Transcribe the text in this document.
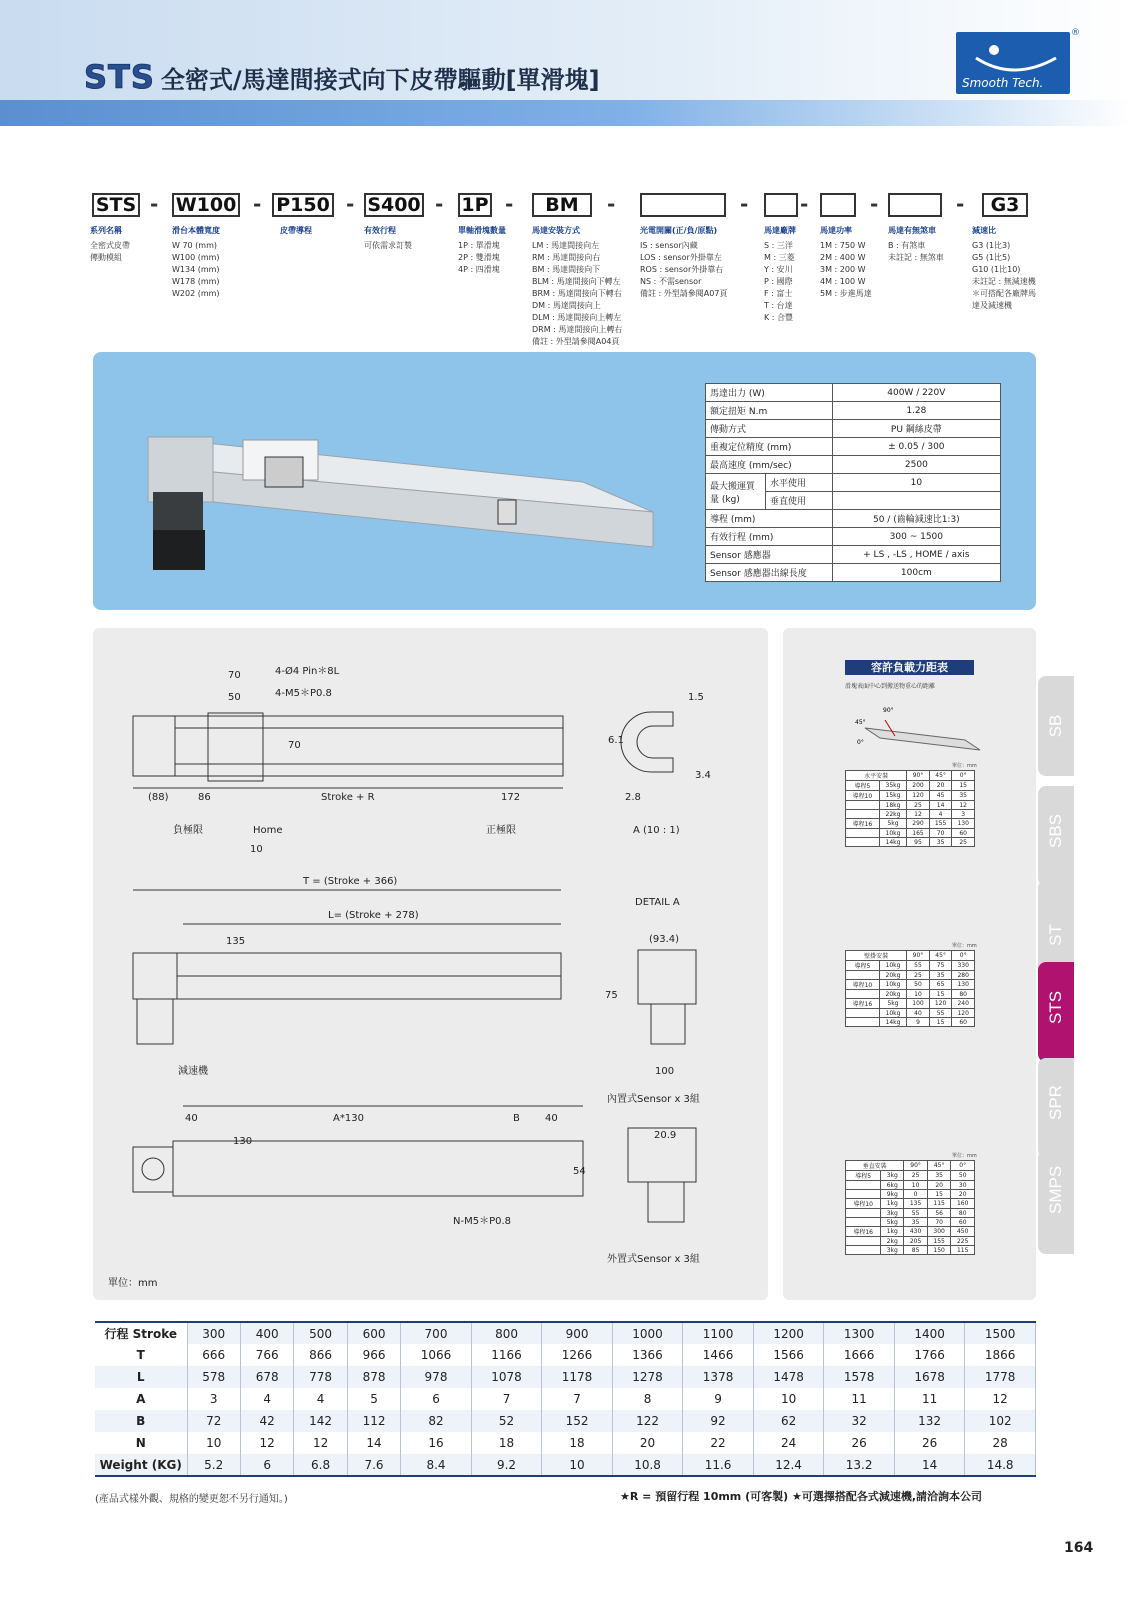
STS 全密式/馬達間接式向下皮帶驅動[單滑塊]	Smooth Tech.
®
馬達出力 (W)		400W / 220V
額定扭矩 N.m		1.28
傳動方式		PU 鋼絲皮帶
重複定位精度 (mm)		± 0.05 / 300
最高速度 (mm/sec)		2500
最大搬運質量 (kg)	水平使用	10
	垂直使用	
導程 (mm)		50 / (齒輪減速比1:3)
有效行程 (mm)		300 ~ 1500
Sensor 感應器		+ LS , -LS , HOME / axis
Sensor 感應器出線長度		100cm
70
50
4-Ø4 Pin＊8L
4-M5＊P0.8
70
(88)	86	Stroke + R	172
負極限	Home	正極限
10
1.5
6.1
3.4
2.8
A (10 : 1)
T = (Stroke + 366)
L= (Stroke + 278)
135
減速機
DETAIL A
(93.4)
75
100
內置式Sensor x 3組
40	A*130	B	40
130
20.9
54
N-M5＊P0.8
外置式Sensor x 3組
單位：mm
容許負載力距表
滑塊表面中心到搬送物重心的距離
90°
45°
0°
行程 Stroke	300	400	500	600	700	800	900	1000	1100	1200	1300	1400	1500
T	666	766	866	966	1066	1166	1266	1366	1466	1566	1666	1766	1866
L	578	678	778	878	978	1078	1178	1278	1378	1478	1578	1678	1778
A	3	4	4	5	6	7	7	8	9	10	11	11	12
B	72	42	142	112	82	52	152	122	92	62	32	132	102
N	10	12	12	14	16	18	18	20	22	24	26	26	28
Weight (KG)	5.2	6	6.8	7.6	8.4	9.2	10	10.8	11.6	12.4	13.2	14	14.8
(產品式樣外觀、規格的變更恕不另行通知。)	★R = 預留行程 10mm (可客製) ★可選擇搭配各式減速機,請洽詢本公司
164
STS W100 P150 S400 1P	BM	G3
-	-	-	-	-	-	-	-	-	-
系列名稱
全密式皮帶
傳動模組
滑台本體寬度
W 70 (mm)
W100 (mm)
W134 (mm)
W178 (mm)
W202 (mm)
皮帶導程	有效行程
可依需求訂製
單軸滑塊數量
1P : 單滑塊
2P : 雙滑塊
4P : 四滑塊
馬達安裝方式
LM : 馬達間接向左
RM : 馬達間接向右
BM : 馬達間接向下
BLM : 馬達間接向下轉左
BRM : 馬達間接向下轉右
DM : 馬達間接向上
DLM : 馬達間接向上轉左
DRM : 馬達間接向上轉右
備註 : 外型請參閱A04頁
光電開關(正/負/原點)
IS : sensor內藏
LOS : sensor外掛靠左
ROS : sensor外掛靠右
NS : 不需sensor
備註 : 外型請參閱A07頁
馬達廠牌
S : 三洋
M : 三菱
Y : 安川
P : 國際
F : 富士
T : 台達
K : 合豐
馬達功率
1M : 750 W
2M : 400 W
3M : 200 W
4M : 100 W
5M : 步進馬達
馬達有無煞車
B : 有煞車
未註記 : 無煞車
減速比
G3 (1比3)
G5 (1比5)
G10 (1比10)
未註記 : 無減速機
＊可搭配各廠牌馬
達及減速機
單位：mm
水平安裝		90°	45°	0°
導程5	35kg	200	20	15
導程10	15kg	120	45	35
	18kg	25	14	12
	22kg	12	4	3
導程16	5kg	290	155	130
	10kg	165	70	60
	14kg	95	35	25
單位：mm
壁掛安裝		90°	45°	0°
導程5	10kg	55	75	330
	20kg	25	35	280
導程10	10kg	50	65	130
	20kg	10	15	80
導程16	5kg	100	120	240
	10kg	40	55	120
	14kg	9	15	60
單位：mm
垂直安裝		90°	45°	0°
導程5	3kg	25	35	50
	6kg	10	20	30
	9kg	0	15	20
導程10	1kg	135	115	160
	3kg	55	56	80
	5kg	35	70	60
導程16	1kg	430	300	450
	2kg	205	155	225
	3kg	85	150	115
SB
SBS
ST
STS
SPR
SMPS
